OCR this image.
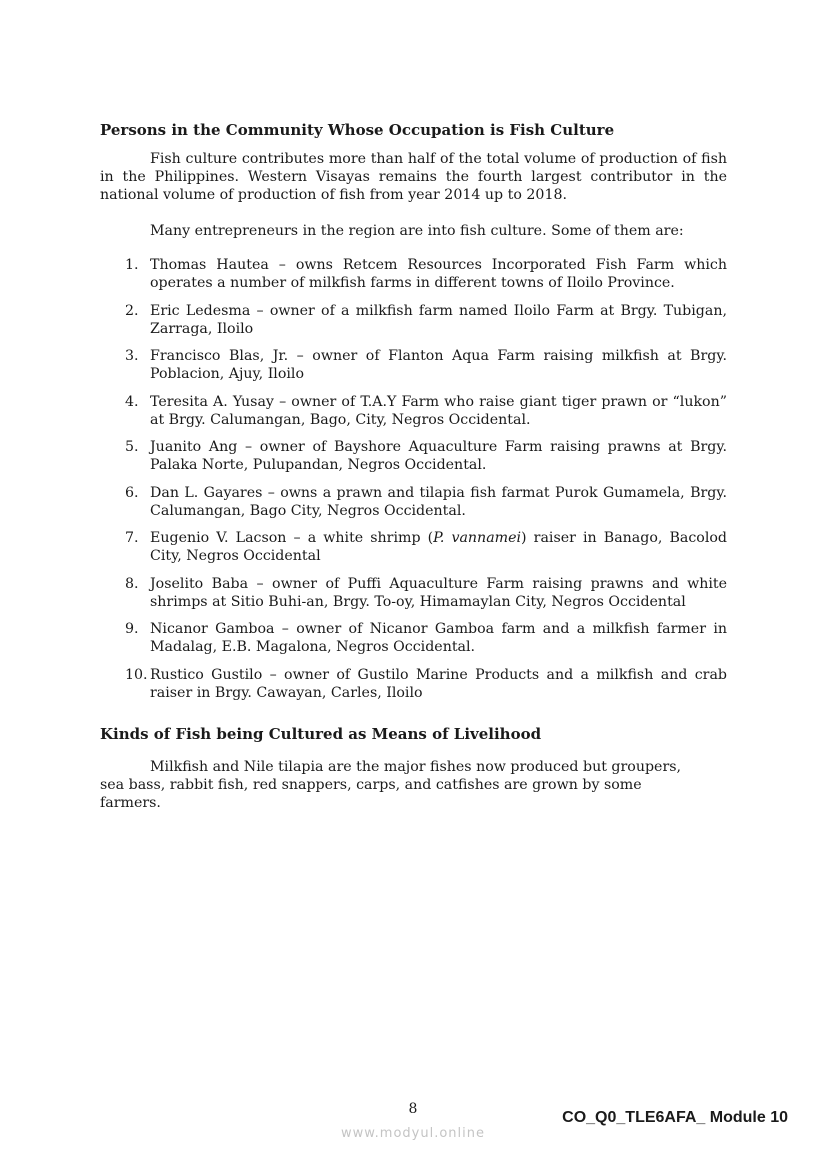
Persons in the Community Whose Occupation is Fish Culture

Fish culture contributes more than half of the total volume of production of fish in the Philippines. Western Visayas remains the fourth largest contributor in the national volume of production of fish from year 2014 up to 2018.

Many entrepreneurs in the region are into fish culture. Some of them are:

1. Thomas Hautea – owns Retcem Resources Incorporated Fish Farm which operates a number of milkfish farms in different towns of Iloilo Province.
2. Eric Ledesma – owner of a milkfish farm named Iloilo Farm at Brgy. Tubigan, Zarraga, Iloilo
3. Francisco Blas, Jr. – owner of Flanton Aqua Farm raising milkfish at Brgy. Poblacion, Ajuy, Iloilo
4. Teresita A. Yusay – owner of T.A.Y Farm who raise giant tiger prawn or “lukon” at Brgy. Calumangan, Bago, City, Negros Occidental.
5. Juanito Ang – owner of Bayshore Aquaculture Farm raising prawns at Brgy. Palaka Norte, Pulupandan, Negros Occidental.
6. Dan L. Gayares – owns a prawn and tilapia fish farmat Purok Gumamela, Brgy. Calumangan, Bago City, Negros Occidental.
7. Eugenio V. Lacson – a white shrimp (P. vannamei) raiser in Banago, Bacolod City, Negros Occidental
8. Joselito Baba – owner of Puffi Aquaculture Farm raising prawns and white shrimps at Sitio Buhi-an, Brgy. To-oy, Himamaylan City, Negros Occidental
9. Nicanor Gamboa – owner of Nicanor Gamboa farm and a milkfish farmer in Madalag, E.B. Magalona, Negros Occidental.
10. Rustico Gustilo – owner of Gustilo Marine Products and a milkfish and crab raiser in Brgy. Cawayan, Carles, Iloilo
Kinds of Fish being Cultured as Means of Livelihood

Milkfish and Nile tilapia are the major fishes now produced but groupers, sea bass, rabbit fish, red snappers, carps, and catfishes are grown by some farmers.

8	CO_Q0_TLE6AFA_ Module 10
www.modyul.online
